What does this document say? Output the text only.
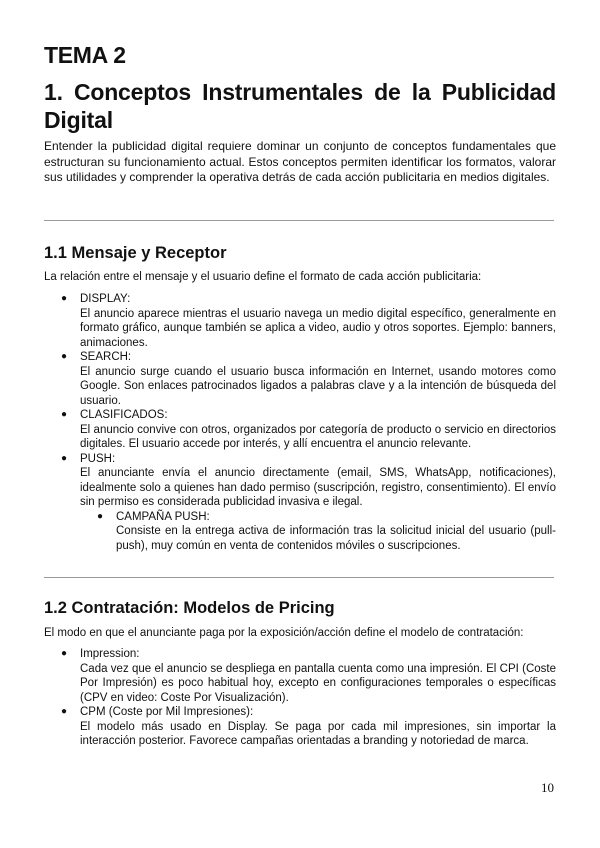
TEMA 2
1. Conceptos Instrumentales de la Publicidad Digital
Entender la publicidad digital requiere dominar un conjunto de conceptos fundamentales que estructuran su funcionamiento actual. Estos conceptos permiten identificar los formatos, valorar sus utilidades y comprender la operativa detrás de cada acción publicitaria en medios digitales.
1.1 Mensaje y Receptor
La relación entre el mensaje y el usuario define el formato de cada acción publicitaria:
● DISPLAY:
El anuncio aparece mientras el usuario navega un medio digital específico, generalmente en formato gráfico, aunque también se aplica a video, audio y otros soportes. Ejemplo: banners, animaciones.
● SEARCH:
El anuncio surge cuando el usuario busca información en Internet, usando motores como Google. Son enlaces patrocinados ligados a palabras clave y a la intención de búsqueda del usuario.
● CLASIFICADOS:
El anuncio convive con otros, organizados por categoría de producto o servicio en directorios digitales. El usuario accede por interés, y allí encuentra el anuncio relevante.
● PUSH:
El anunciante envía el anuncio directamente (email, SMS, WhatsApp, notificaciones), idealmente solo a quienes han dado permiso (suscripción, registro, consentimiento). El envío sin permiso es considerada publicidad invasiva e ilegal.
● CAMPAÑA PUSH:
Consiste en la entrega activa de información tras la solicitud inicial del usuario (pull-push), muy común en venta de contenidos móviles o suscripciones.
1.2 Contratación: Modelos de Pricing
El modo en que el anunciante paga por la exposición/acción define el modelo de contratación:
● Impression:
Cada vez que el anuncio se despliega en pantalla cuenta como una impresión. El CPI (Coste Por Impresión) es poco habitual hoy, excepto en configuraciones temporales o específicas (CPV en video: Coste Por Visualización).
● CPM (Coste por Mil Impresiones):
El modelo más usado en Display. Se paga por cada mil impresiones, sin importar la interacción posterior. Favorece campañas orientadas a branding y notoriedad de marca.
10
